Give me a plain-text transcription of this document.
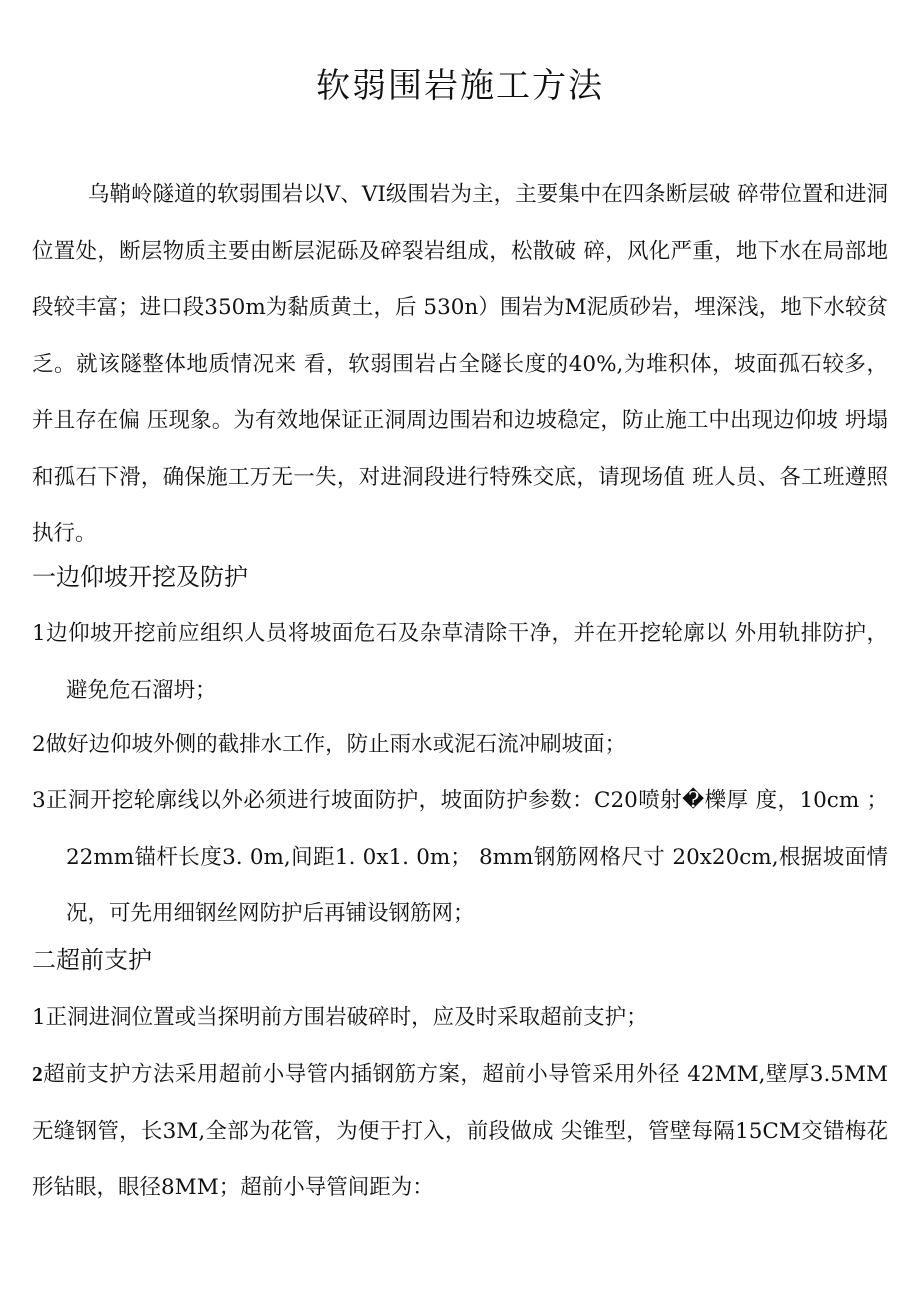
软弱围岩施工方法

乌鞘岭隧道的软弱围岩以V、VI级围岩为主，主要集中在四条断层破 碎带位置和进洞位置处，断层物质主要由断层泥砾及碎裂岩组成，松散破 碎，风化严重，地下水在局部地段较丰富；进口段350m为黏质黄土，后 530n）围岩为M泥质砂岩，埋深浅，地下水较贫乏。就该隧整体地质情况来 看，软弱围岩占全隧长度的40%,为堆积体，坡面孤石较多，并且存在偏 压现象。为有效地保证正洞周边围岩和边坡稳定，防止施工中出现边仰坡 坍塌和孤石下滑，确保施工万无一失，对进洞段进行特殊交底，请现场值 班人员、各工班遵照执行。

一边仰坡开挖及防护

1边仰坡开挖前应组织人员将坡面危石及杂草清除干净，并在开挖轮廓以 外用轨排防护，避免危石溜坍；

2做好边仰坡外侧的截排水工作，防止雨水或泥石流冲刷坡面；

3正洞开挖轮廓线以外必须进行坡面防护，坡面防护参数：C20喷射�櫟厚 度，10cm ； 22mm锚杆长度3. 0m,间距1. 0x1. 0m； 8mm钢筋网格尺寸 20x20cm,根据坡面情况，可先用细钢丝网防护后再铺设钢筋网；

二超前支护

1正洞进洞位置或当探明前方围岩破碎时，应及时采取超前支护；

2超前支护方法采用超前小导管内插钢筋方案，超前小导管采用外径 42MM,壁厚3.5MM无缝钢管，长3M,全部为花管，为便于打入，前段做成 尖锥型，管壁每隔15CM交错梅花形钻眼，眼径8MM；超前小导管间距为：
